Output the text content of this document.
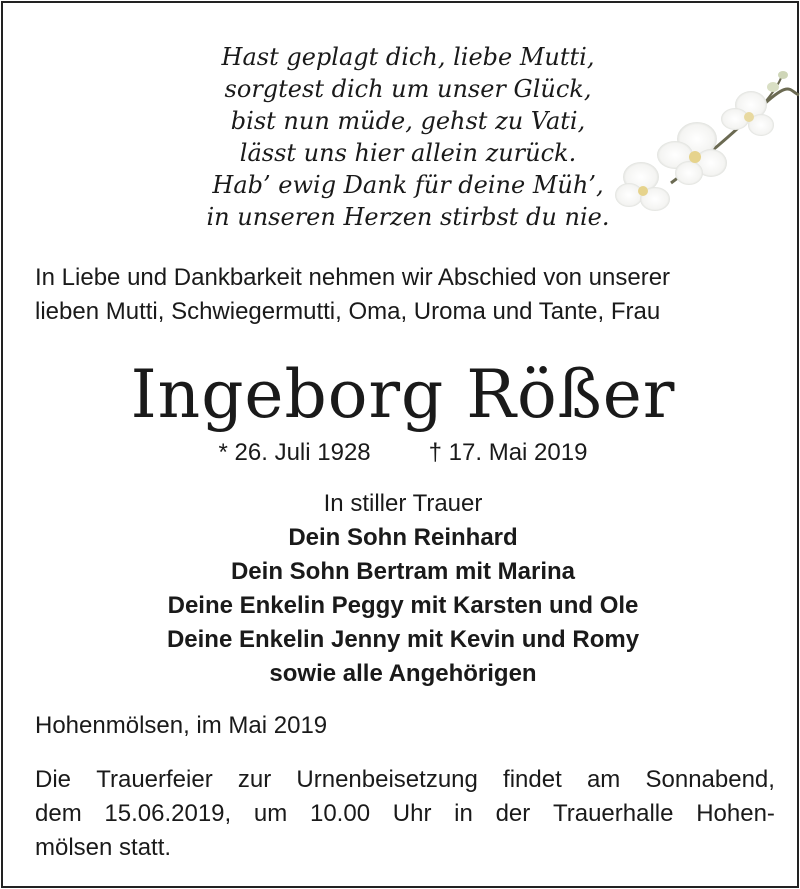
Hast geplagt dich, liebe Mutti,
sorgtest dich um unser Glück,
bist nun müde, gehst zu Vati,
lässt uns hier allein zurück.
Hab’ ewig Dank für deine Müh’,
in unseren Herzen stirbst du nie.
In Liebe und Dankbarkeit nehmen wir Abschied von unserer
lieben Mutti, Schwiegermutti, Oma, Uroma und Tante, Frau
Ingeborg Rößer
* 26. Juli 1928 † 17. Mai 2019
In stiller Trauer
Dein Sohn Reinhard
Dein Sohn Bertram mit Marina
Deine Enkelin Peggy mit Karsten und Ole
Deine Enkelin Jenny mit Kevin und Romy
sowie alle Angehörigen
Hohenmölsen, im Mai 2019
Die Trauerfeier zur Urnenbeisetzung findet am Sonnabend,
dem 15.06.2019, um 10.00 Uhr in der Trauerhalle Hohen-
mölsen statt.
